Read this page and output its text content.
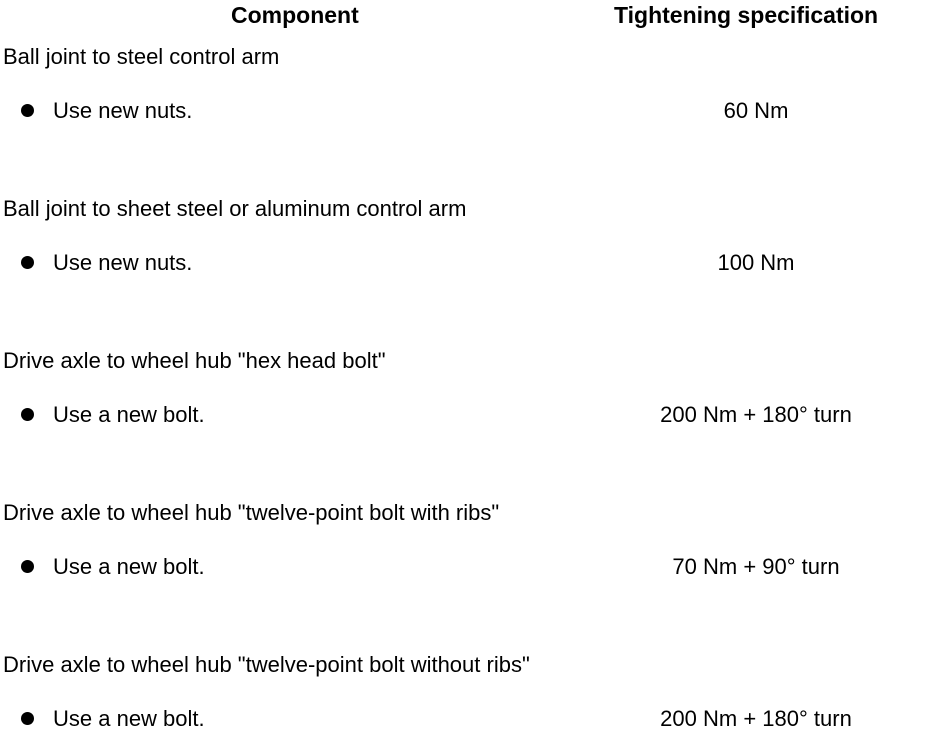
Component	Tightening specification
Ball joint to steel control arm
Use new nuts.	60 Nm
Ball joint to sheet steel or aluminum control arm
Use new nuts.	100 Nm
Drive axle to wheel hub "hex head bolt"
Use a new bolt.	200 Nm + 180° turn
Drive axle to wheel hub "twelve-point bolt with ribs"
Use a new bolt.	70 Nm + 90° turn
Drive axle to wheel hub "twelve-point bolt without ribs"
Use a new bolt.	200 Nm + 180° turn
